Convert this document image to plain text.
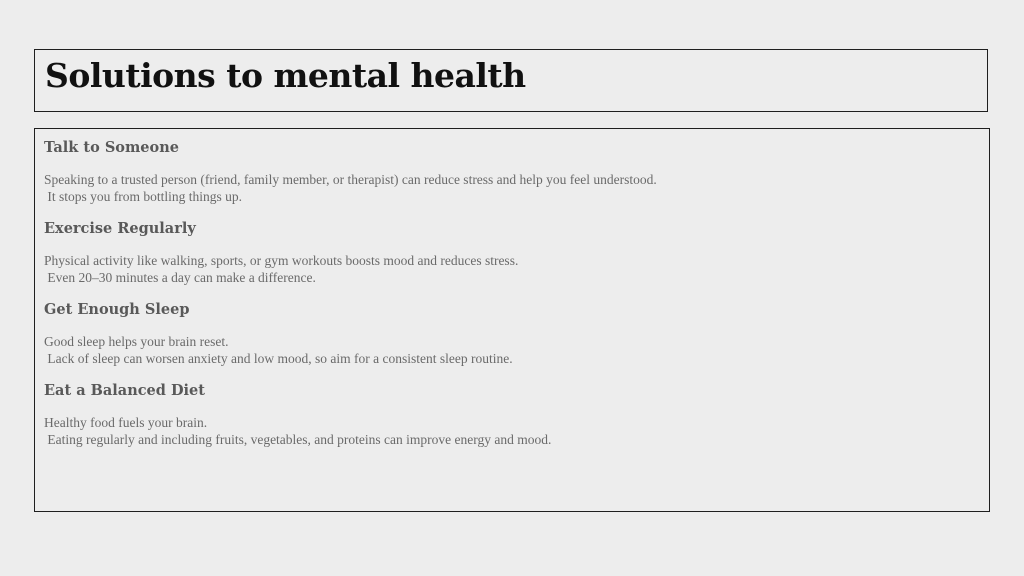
Solutions to mental health
Talk to Someone
Speaking to a trusted person (friend, family member, or therapist) can reduce stress and help you feel understood.
It stops you from bottling things up.
Exercise Regularly
Physical activity like walking, sports, or gym workouts boosts mood and reduces stress.
Even 20–30 minutes a day can make a difference.
Get Enough Sleep
Good sleep helps your brain reset.
Lack of sleep can worsen anxiety and low mood, so aim for a consistent sleep routine.
Eat a Balanced Diet
Healthy food fuels your brain.
Eating regularly and including fruits, vegetables, and proteins can improve energy and mood.
